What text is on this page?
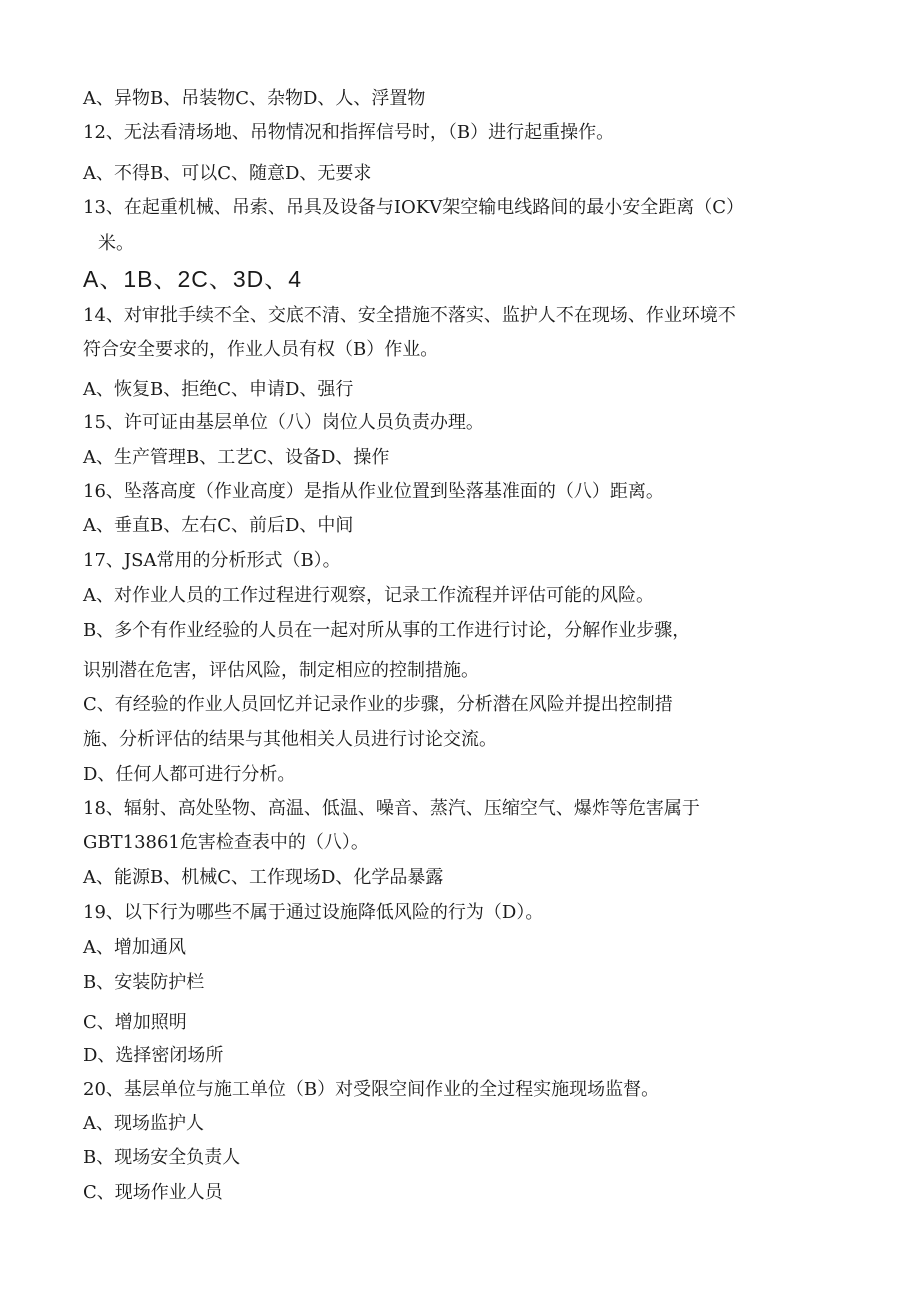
A、异物B、吊装物C、杂物D、人、浮置物
12、无法看清场地、吊物情况和指挥信号时，（B）进行起重操作。
A、不得B、可以C、随意D、无要求
13、在起重机械、吊索、吊具及设备与IOKV架空输电线路间的最小安全距离（C）
米。
A、1B、2C、3D、4
14、对审批手续不全、交底不清、安全措施不落实、监护人不在现场、作业环境不
符合安全要求的，作业人员有权（B）作业。
A、恢复B、拒绝C、申请D、强行
15、许可证由基层单位（八）岗位人员负责办理。
A、生产管理B、工艺C、设备D、操作
16、坠落高度（作业高度）是指从作业位置到坠落基准面的（八）距离。
A、垂直B、左右C、前后D、中间
17、JSA常用的分析形式（B）。
A、对作业人员的工作过程进行观察，记录工作流程并评估可能的风险。
B、多个有作业经验的人员在一起对所从事的工作进行讨论，分解作业步骤，
识别潜在危害，评估风险，制定相应的控制措施。
C、有经验的作业人员回忆并记录作业的步骤，分析潜在风险并提出控制措
施、分析评估的结果与其他相关人员进行讨论交流。
D、任何人都可进行分析。
18、辐射、高处坠物、高温、低温、噪音、蒸汽、压缩空气、爆炸等危害属于
GBT13861危害检查表中的（八）。
A、能源B、机械C、工作现场D、化学品暴露
19、以下行为哪些不属于通过设施降低风险的行为（D）。
A、增加通风
B、安装防护栏
C、增加照明
D、选择密闭场所
20、基层单位与施工单位（B）对受限空间作业的全过程实施现场监督。
A、现场监护人
B、现场安全负责人
C、现场作业人员
